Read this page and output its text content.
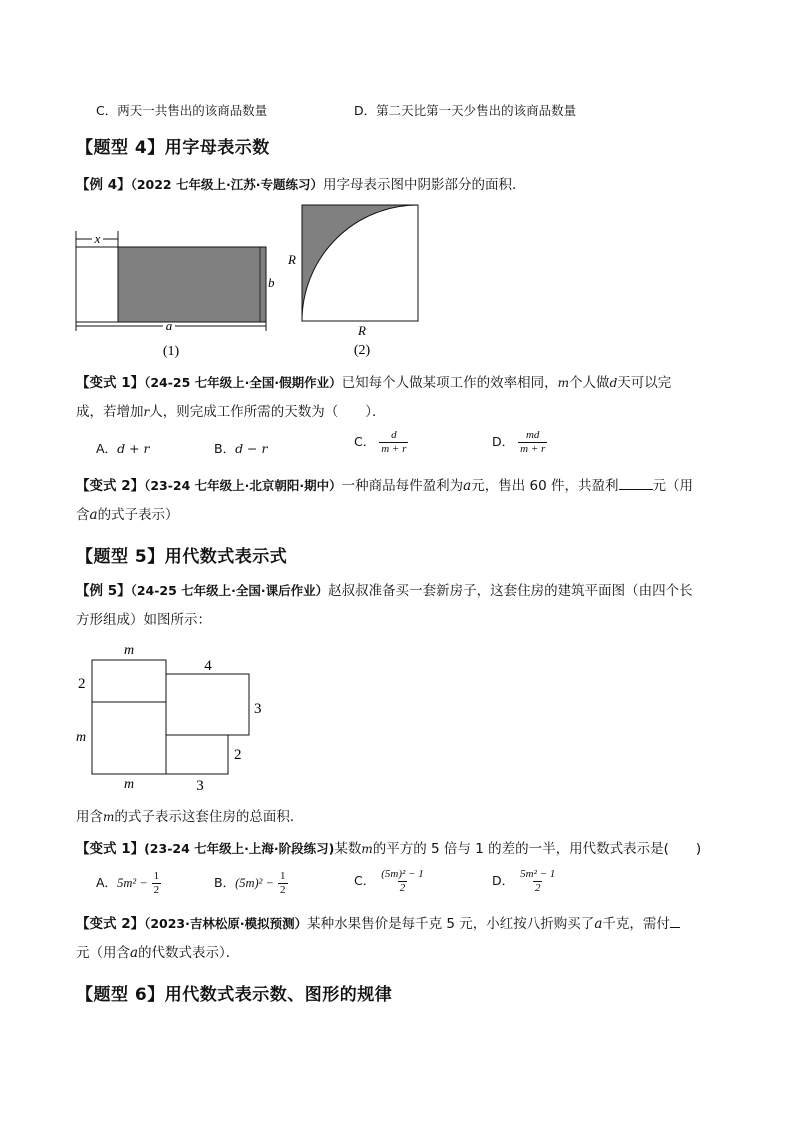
C．两天一共售出的该商品数量	D．第二天比第一天少售出的该商品数量
【题型 4】用字母表示数
【例 4】（2022 七年级上·江苏·专题练习）用字母表示图中阴影部分的面积．
x
b
a
(1)
R
R
(2)
【变式 1】（24-25 七年级上·全国·假期作业）已知每个人做某项工作的效率相同，m个人做d天可以完
成，若增加r人，则完成工作所需的天数为（　　）．
A．d + r	B．d − r	C． $\frac{d}{m + r}$	D． $\frac{md}{m + r}$
【变式 2】（23-24 七年级上·北京朝阳·期中）一种商品每件盈利为a元，售出 60 件，共盈利	元（用
含a的式子表示）
【题型 5】用代数式表示式
【例 5】（24-25 七年级上·全国·课后作业）赵叔叔准备买一套新房子，这套住房的建筑平面图（由四个长
方形组成）如图所示：
m
4
2
3
m
2
m	3
用含m的式子表示这套住房的总面积．
【变式 1】(23-24 七年级上·上海·阶段练习)某数m的平方的 5 倍与 1 的差的一半，用代数式表示是(　　)
A．$5m^2 - \frac{1}{2}$	B．$(5m)^2 - \frac{1}{2}$	C． $\frac{\text{(5m)² − 1}}{2}$	D． $\frac{\text{5m² − 1}}{2}$
【变式 2】（2023·吉林松原·模拟预测）某种水果售价是每千克 5 元，小红按八折购买了a千克，需付
元（用含a的代数式表示）．
【题型 6】用代数式表示数、图形的规律
